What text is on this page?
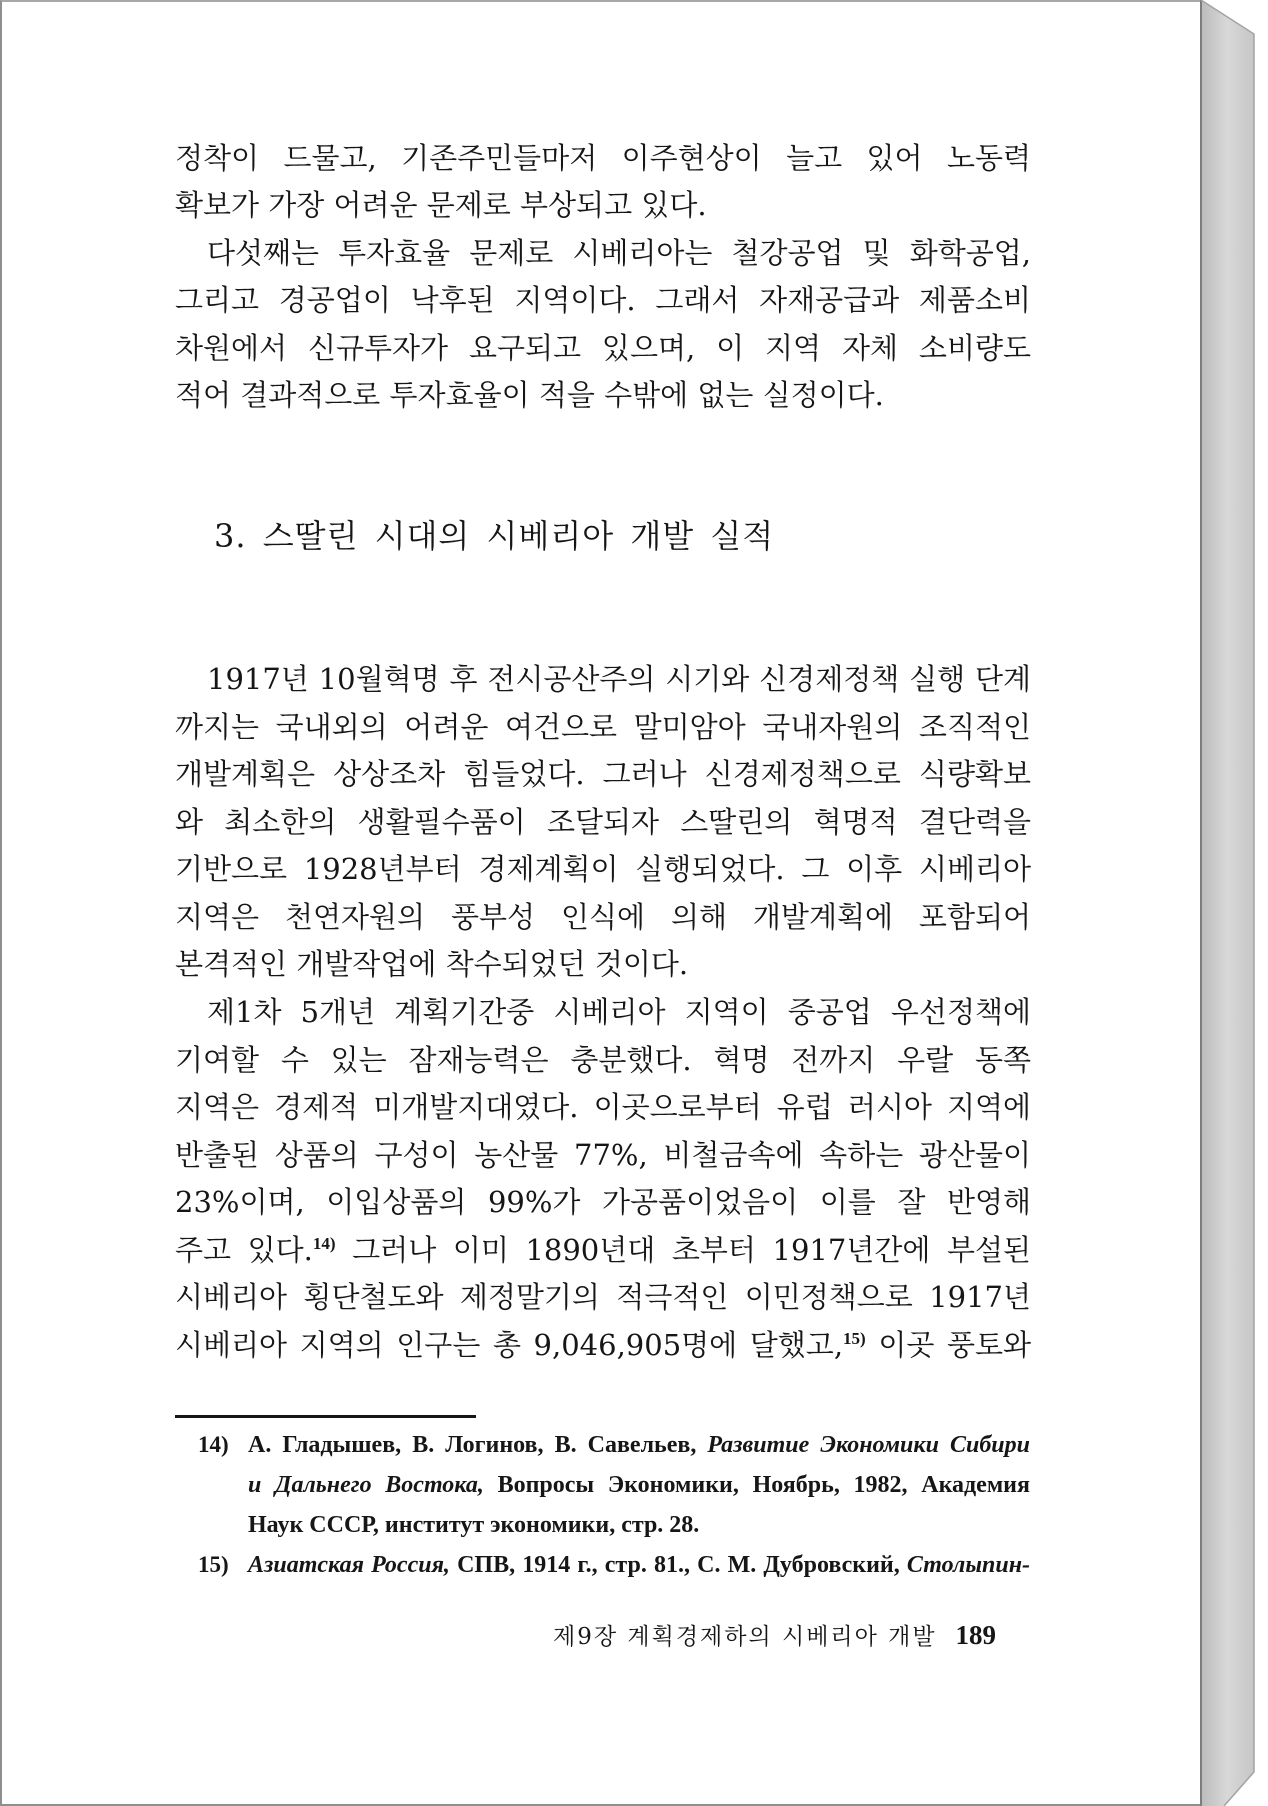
정착이 드물고, 기존주민들마저 이주현상이 늘고 있어 노동력
확보가 가장 어려운 문제로 부상되고 있다.
다섯째는 투자효율 문제로 시베리아는 철강공업 및 화학공업,
그리고 경공업이 낙후된 지역이다. 그래서 자재공급과 제품소비
차원에서 신규투자가 요구되고 있으며, 이 지역 자체 소비량도
적어 결과적으로 투자효율이 적을 수밖에 없는 실정이다.
3. 스딸린 시대의 시베리아 개발 실적
1917년 10월혁명 후 전시공산주의 시기와 신경제정책 실행 단계
까지는 국내외의 어려운 여건으로 말미암아 국내자원의 조직적인
개발계획은 상상조차 힘들었다. 그러나 신경제정책으로 식량확보
와 최소한의 생활필수품이 조달되자 스딸린의 혁명적 결단력을
기반으로 1928년부터 경제계획이 실행되었다. 그 이후 시베리아
지역은 천연자원의 풍부성 인식에 의해 개발계획에 포함되어
본격적인 개발작업에 착수되었던 것이다.
제1차 5개년 계획기간중 시베리아 지역이 중공업 우선정책에
기여할 수 있는 잠재능력은 충분했다. 혁명 전까지 우랄 동쪽
지역은 경제적 미개발지대였다. 이곳으로부터 유럽 러시아 지역에
반출된 상품의 구성이 농산물 77%, 비철금속에 속하는 광산물이
23%이며, 이입상품의 99%가 가공품이었음이 이를 잘 반영해
주고 있다.$^{14)}$ 그러나 이미 1890년대 초부터 1917년간에 부설된
시베리아 횡단철도와 제정말기의 적극적인 이민정책으로 1917년
시베리아 지역의 인구는 총 9,046,905명에 달했고,$^{15)}$ 이곳 풍토와
14) А. Гладышев, В. Логинов, В. Савельев, Развитие Экономики Сибири
и Дальнего Востока, Вопросы Экономики, Ноябрь, 1982, Академия
Наук СССР, институт экономики, стр. 28.
15) Азиатская Россия, СПВ, 1914 г., стр. 81., С. М. Дубровский, Столыпин-
제9장 계획경제하의 시베리아 개발 189
